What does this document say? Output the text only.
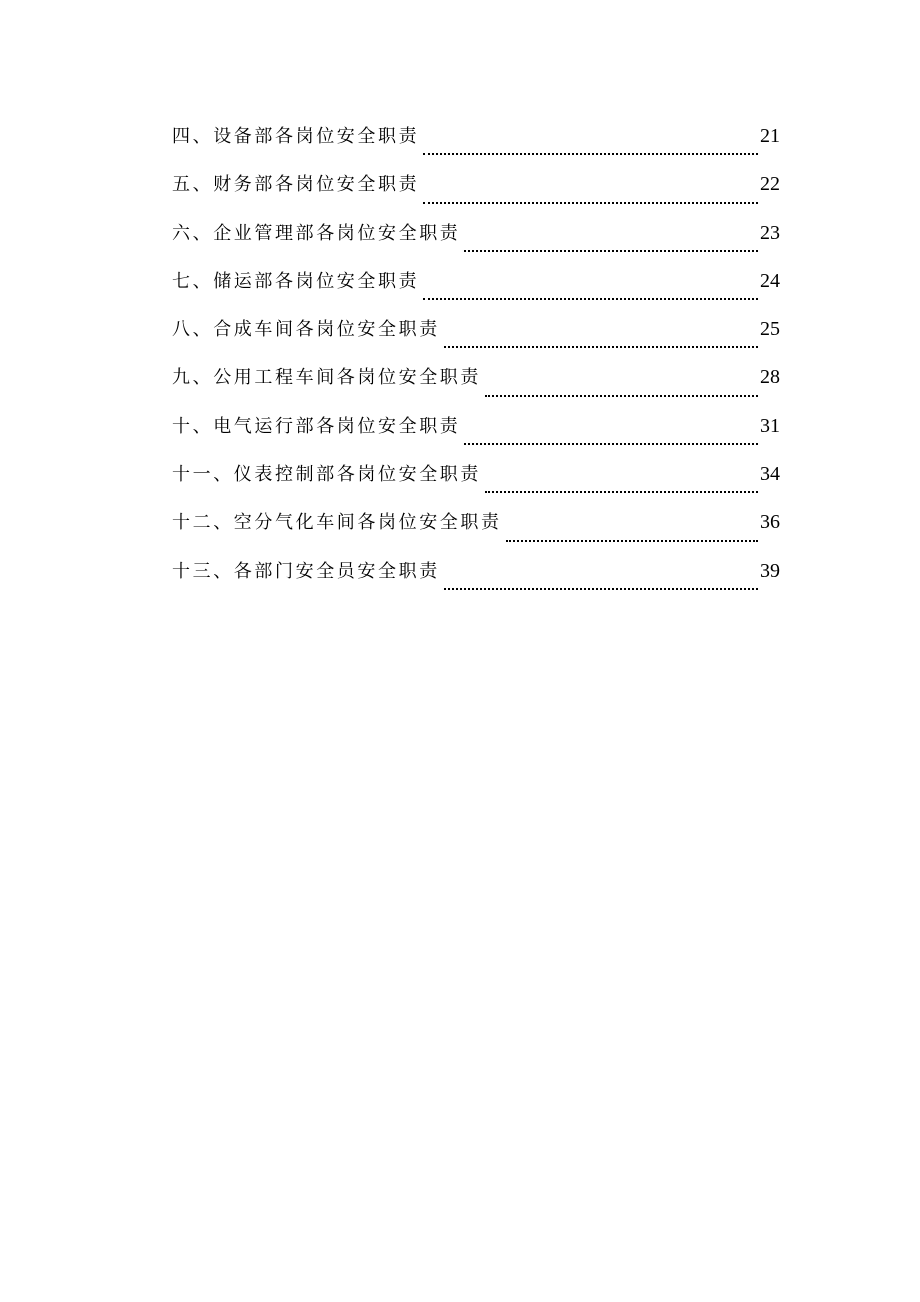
四、设备部各岗位安全职责	21
五、财务部各岗位安全职责	22
六、企业管理部各岗位安全职责	23
七、储运部各岗位安全职责	24
八、合成车间各岗位安全职责	25
九、公用工程车间各岗位安全职责	28
十、电气运行部各岗位安全职责	31
十一、仪表控制部各岗位安全职责	34
十二、空分气化车间各岗位安全职责	36
十三、各部门安全员安全职责	39
